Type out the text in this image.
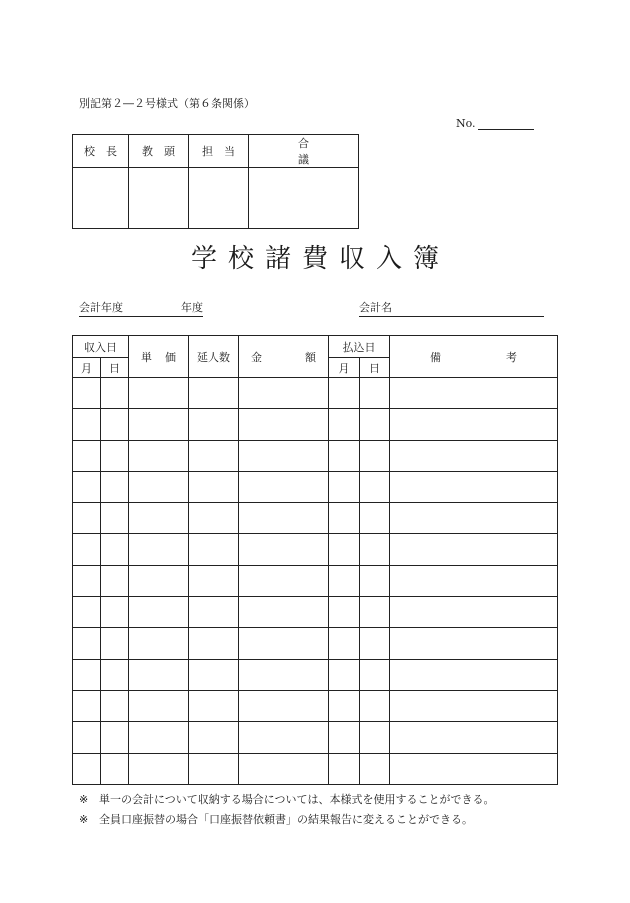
別記第２―２号様式（第６条関係）
No.
校　長	教　頭	担　当	合　議

学校諸費収入簿
会計年度	年度	会計名
収入日		単 価	延人数	金 額	払込日		備 考

月	日				月	日	

※ 単一の会計について収納する場合については、本様式を使用することができる。
※ 全員口座振替の場合「口座振替依頼書」の結果報告に変えることができる。
